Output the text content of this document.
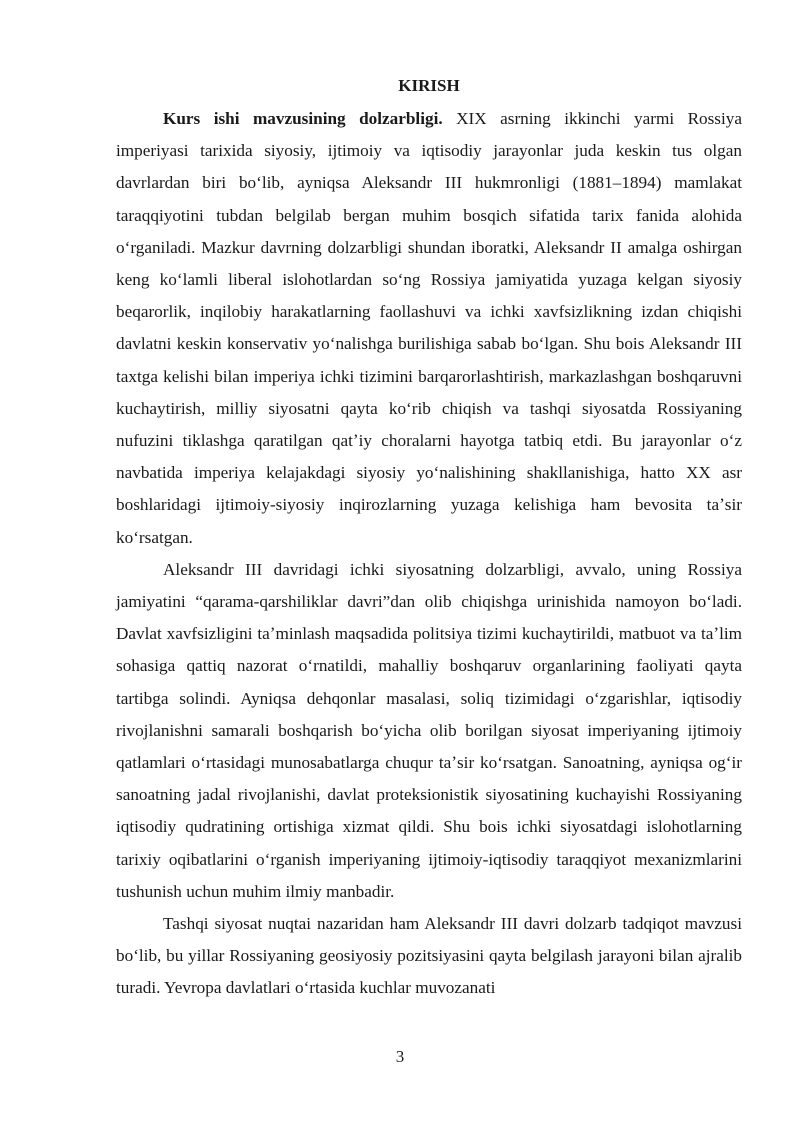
KIRISH

Kurs ishi mavzusining dolzarbligi. XIX asrning ikkinchi yarmi Rossiya imperiyasi tarixida siyosiy, ijtimoiy va iqtisodiy jarayonlar juda keskin tus olgan davrlardan biri boʻlib, ayniqsa Aleksandr III hukmronligi (1881–1894) mamlakat taraqqiyotini tubdan belgilab bergan muhim bosqich sifatida tarix fanida alohida oʻrganiladi. Mazkur davrning dolzarbligi shundan iboratki, Aleksandr II amalga oshirgan keng koʻlamli liberal islohotlardan soʻng Rossiya jamiyatida yuzaga kelgan siyosiy beqarorlik, inqilobiy harakatlarning faollashuvi va ichki xavfsizlikning izdan chiqishi davlatni keskin konservativ yoʻnalishga burilishiga sabab boʻlgan. Shu bois Aleksandr III taxtga kelishi bilan imperiya ichki tizimini barqarorlashtirish, markazlashgan boshqaruvni kuchaytirish, milliy siyosatni qayta koʻrib chiqish va tashqi siyosatda Rossiyaning nufuzini tiklashga qaratilgan qatʼiy choralarni hayotga tatbiq etdi. Bu jarayonlar oʻz navbatida imperiya kelajakdagi siyosiy yoʻnalishining shakllanishiga, hatto XX asr boshlaridagi ijtimoiy-siyosiy inqirozlarning yuzaga kelishiga ham bevosita taʼsir koʻrsatgan.

Aleksandr III davridagi ichki siyosatning dolzarbligi, avvalo, uning Rossiya jamiyatini “qarama-qarshiliklar davri”dan olib chiqishga urinishida namoyon boʻladi. Davlat xavfsizligini taʼminlash maqsadida politsiya tizimi kuchaytirildi, matbuot va taʼlim sohasiga qattiq nazorat oʻrnatildi, mahalliy boshqaruv organlarining faoliyati qayta tartibga solindi. Ayniqsa dehqonlar masalasi, soliq tizimidagi oʻzgarishlar, iqtisodiy rivojlanishni samarali boshqarish boʻyicha olib borilgan siyosat imperiyaning ijtimoiy qatlamlari oʻrtasidagi munosabatlarga chuqur taʼsir koʻrsatgan. Sanoatning, ayniqsa ogʻir sanoatning jadal rivojlanishi, davlat proteksionistik siyosatining kuchayishi Rossiyaning iqtisodiy qudratining ortishiga xizmat qildi. Shu bois ichki siyosatdagi islohotlarning tarixiy oqibatlarini oʻrganish imperiyaning ijtimoiy-iqtisodiy taraqqiyot mexanizmlarini tushunish uchun muhim ilmiy manbadir.

Tashqi siyosat nuqtai nazaridan ham Aleksandr III davri dolzarb tadqiqot mavzusi boʻlib, bu yillar Rossiyaning geosiyosiy pozitsiyasini qayta belgilash jarayoni bilan ajralib turadi. Yevropa davlatlari oʻrtasida kuchlar muvozanati

3
